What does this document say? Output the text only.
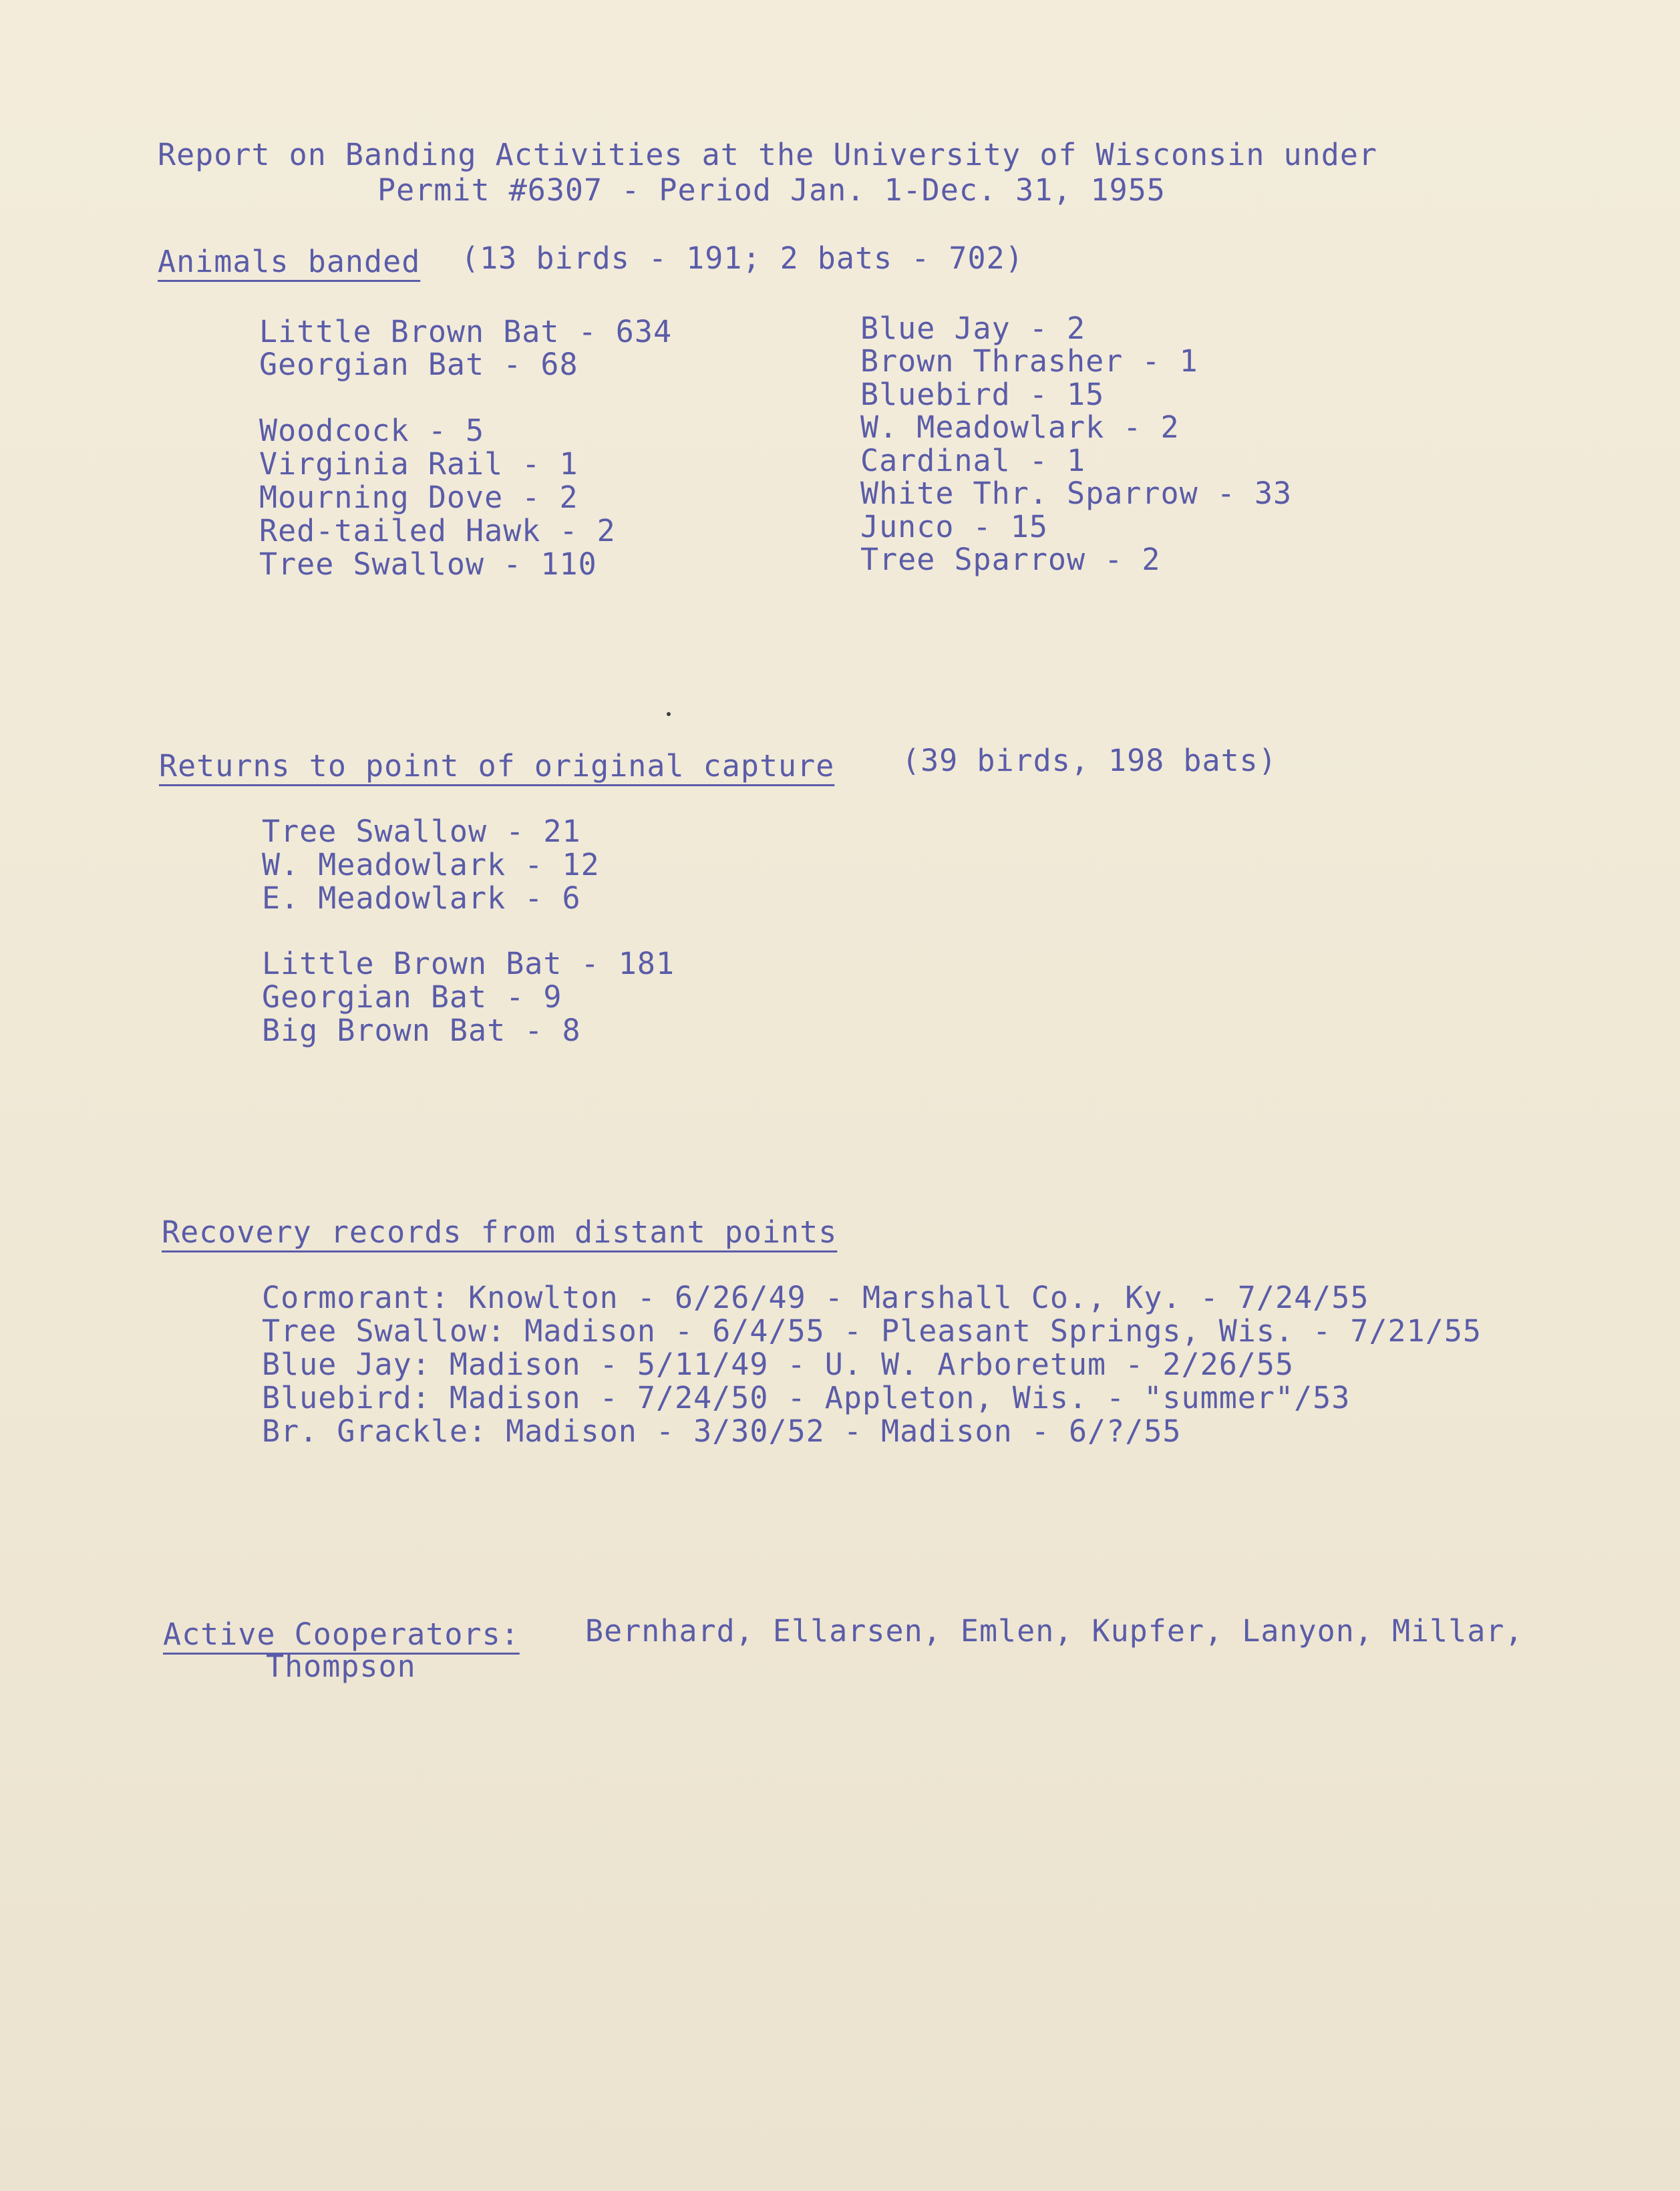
Report on Banding Activities at the University of Wisconsin under
Permit #6307 - Period Jan. 1-Dec. 31, 1955
Animals banded (13 birds - 191; 2 bats - 702)
Little Brown Bat - 634
Georgian Bat - 68
Woodcock - 5
Virginia Rail - 1
Mourning Dove - 2
Red-tailed Hawk - 2
Tree Swallow - 110
Blue Jay - 2
Brown Thrasher - 1
Bluebird - 15
W. Meadowlark - 2
Cardinal - 1
White Thr. Sparrow - 33
Junco - 15
Tree Sparrow - 2
Returns to point of original capture (39 birds, 198 bats)
Tree Swallow - 21
W. Meadowlark - 12
E. Meadowlark - 6
Little Brown Bat - 181
Georgian Bat - 9
Big Brown Bat - 8
Recovery records from distant points
Cormorant: Knowlton - 6/26/49 - Marshall Co., Ky. - 7/24/55
Tree Swallow: Madison - 6/4/55 - Pleasant Springs, Wis. - 7/21/55
Blue Jay: Madison - 5/11/49 - U. W. Arboretum - 2/26/55
Bluebird: Madison - 7/24/50 - Appleton, Wis. - "summer"/53
Br. Grackle: Madison - 3/30/52 - Madison - 6/?/55
Active Cooperators: Bernhard, Ellarsen, Emlen, Kupfer, Lanyon, Millar,
Thompson
